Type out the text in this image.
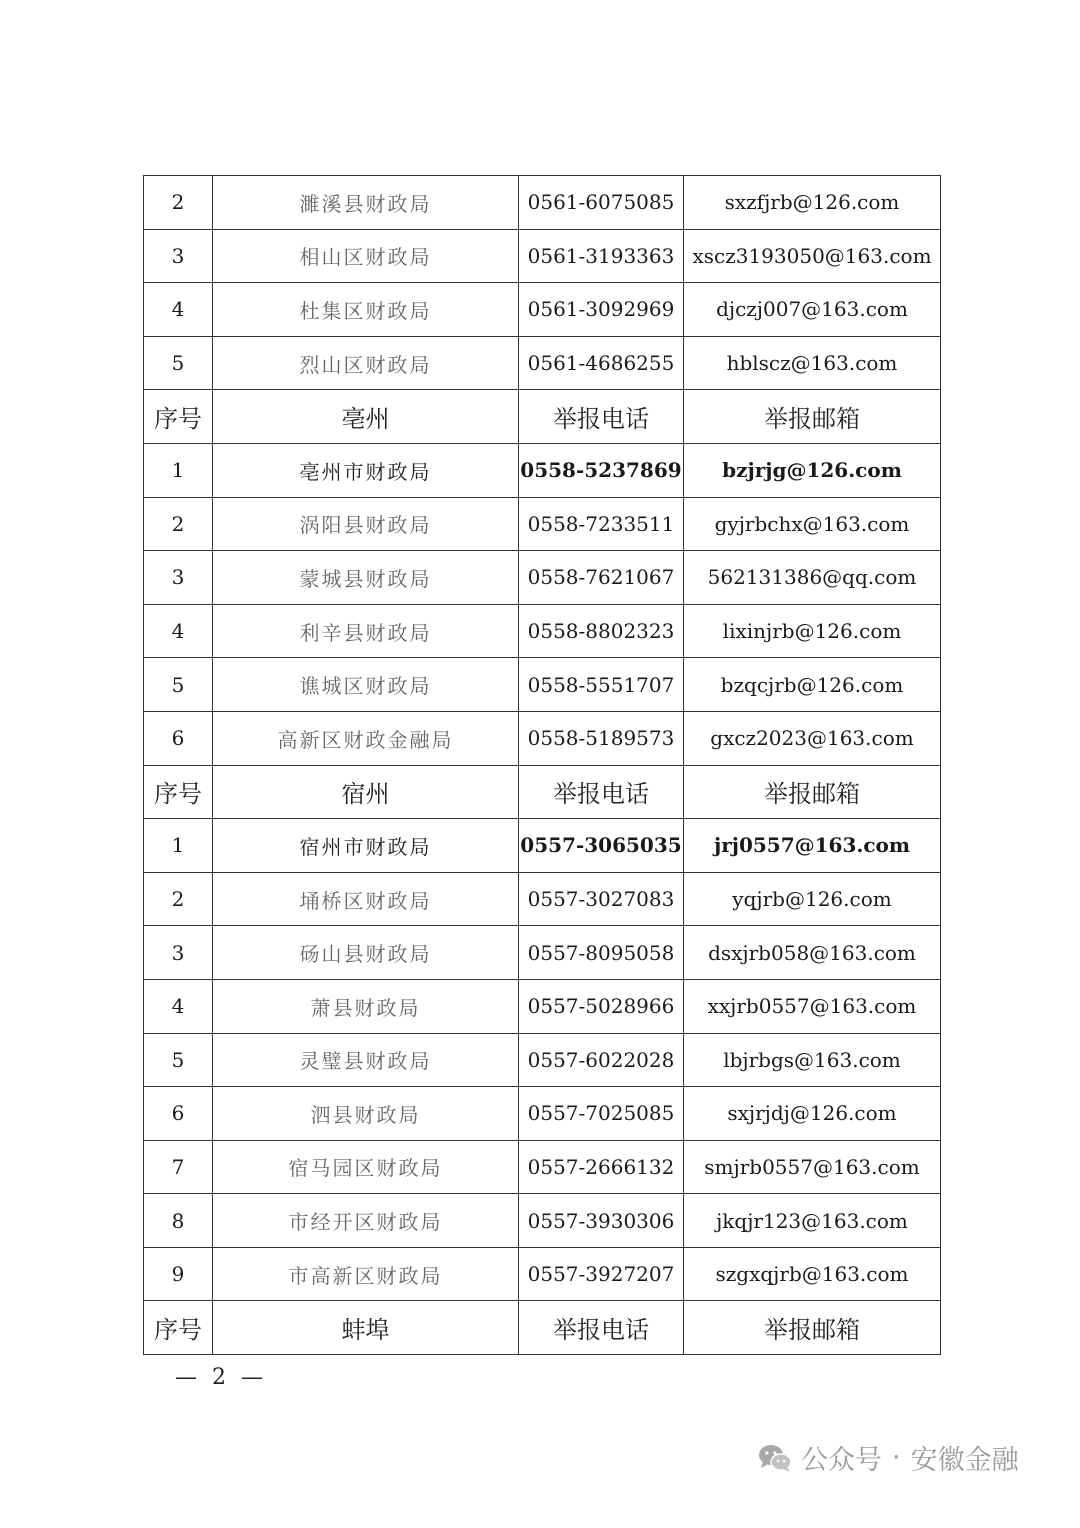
2	濉溪县财政局	0561-6075085	sxzfjrb@126.com
3	相山区财政局	0561-3193363	xscz3193050@163.com
4	杜集区财政局	0561-3092969	djczj007@163.com
5	烈山区财政局	0561-4686255	hblscz@163.com
序号	亳州	举报电话	举报邮箱
1	亳州市财政局	0558-5237869	bzjrjg@126.com
2	涡阳县财政局	0558-7233511	gyjrbchx@163.com
3	蒙城县财政局	0558-7621067	562131386@qq.com
4	利辛县财政局	0558-8802323	lixinjrb@126.com
5	谯城区财政局	0558-5551707	bzqcjrb@126.com
6	高新区财政金融局	0558-5189573	gxcz2023@163.com
序号	宿州	举报电话	举报邮箱
1	宿州市财政局	0557-3065035	jrj0557@163.com
2	埇桥区财政局	0557-3027083	yqjrb@126.com
3	砀山县财政局	0557-8095058	dsxjrb058@163.com
4	萧县财政局	0557-5028966	xxjrb0557@163.com
5	灵璧县财政局	0557-6022028	lbjrbgs@163.com
6	泗县财政局	0557-7025085	sxjrjdj@126.com
7	宿马园区财政局	0557-2666132	smjrb0557@163.com
8	市经开区财政局	0557-3930306	jkqjr123@163.com
9	市高新区财政局	0557-3927207	szgxqjrb@163.com
序号	蚌埠	举报电话	举报邮箱
— 2 —
公众号 · 安徽金融
